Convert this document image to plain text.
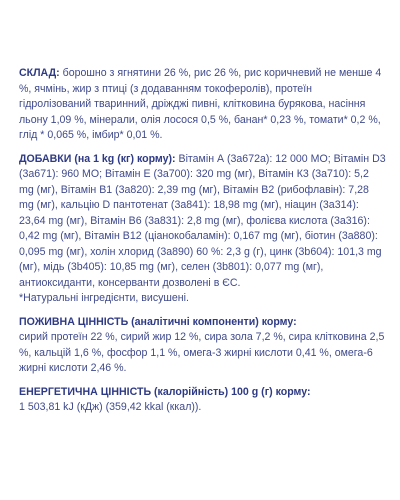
СКЛАД: борошно з ягнятини 26 %, рис 26 %, рис коричневий не менше 4 %, ячмінь, жир з птиці (з додаванням токоферолів), протеїн гідролізований тваринний, дріжджі пивні, клітковина бурякова, насіння льону 1,09 %, мінерали, олія лосося 0,5 %, банан* 0,23 %, томати* 0,2 %, глід * 0,065 %, імбир* 0,01 %.

ДОБАВКИ (на 1 kg (кг) корму): Вітамін А (3а672а): 12 000 МО; Вітамін D3 (3а671): 960 МО; Вітамін Е (3а700): 320 mg (мг), Вітамін К3 (3а710): 5,2 mg (мг), Вітамін В1 (3а820): 2,39 mg (мг), Вітамін В2 (рибофлавін): 7,28 mg (мг), кальцію D пантотенат (3а841): 18,98 mg (мг), ніацин (3а314): 23,64 mg (мг), Вітамін В6 (3а831): 2,8 mg (мг), фолієва кислота (3а316): 0,42 mg (мг), Вітамін В12 (ціанокобаламін): 0,167 mg (мг), біотин (3а880): 0,095 mg (мг), холін хлорид (3а890) 60 %: 2,3 g (г), цинк (3b604): 101,3 mg (мг), мідь (3b405): 10,85 mg (мг), селен (3b801): 0,077 mg (мг), антиоксиданти, консерванти дозволені в ЄС.
*Натуральні інгредієнти, висушені.

ПОЖИВНА ЦІННІСТЬ (аналітичні компоненти) корму:
сирий протеїн 22 %, сирий жир 12 %, сира зола 7,2 %, сира клітковина 2,5 %, кальцій 1,6 %, фосфор 1,1 %, омега-3 жирні кислоти 0,41 %, омега-6 жирні кислоти 2,46 %.

ЕНЕРГЕТИЧНА ЦІННІСТЬ (калорійність) 100 g (г) корму:
1 503,81 kJ (кДж) (359,42 kkal (ккал)).
